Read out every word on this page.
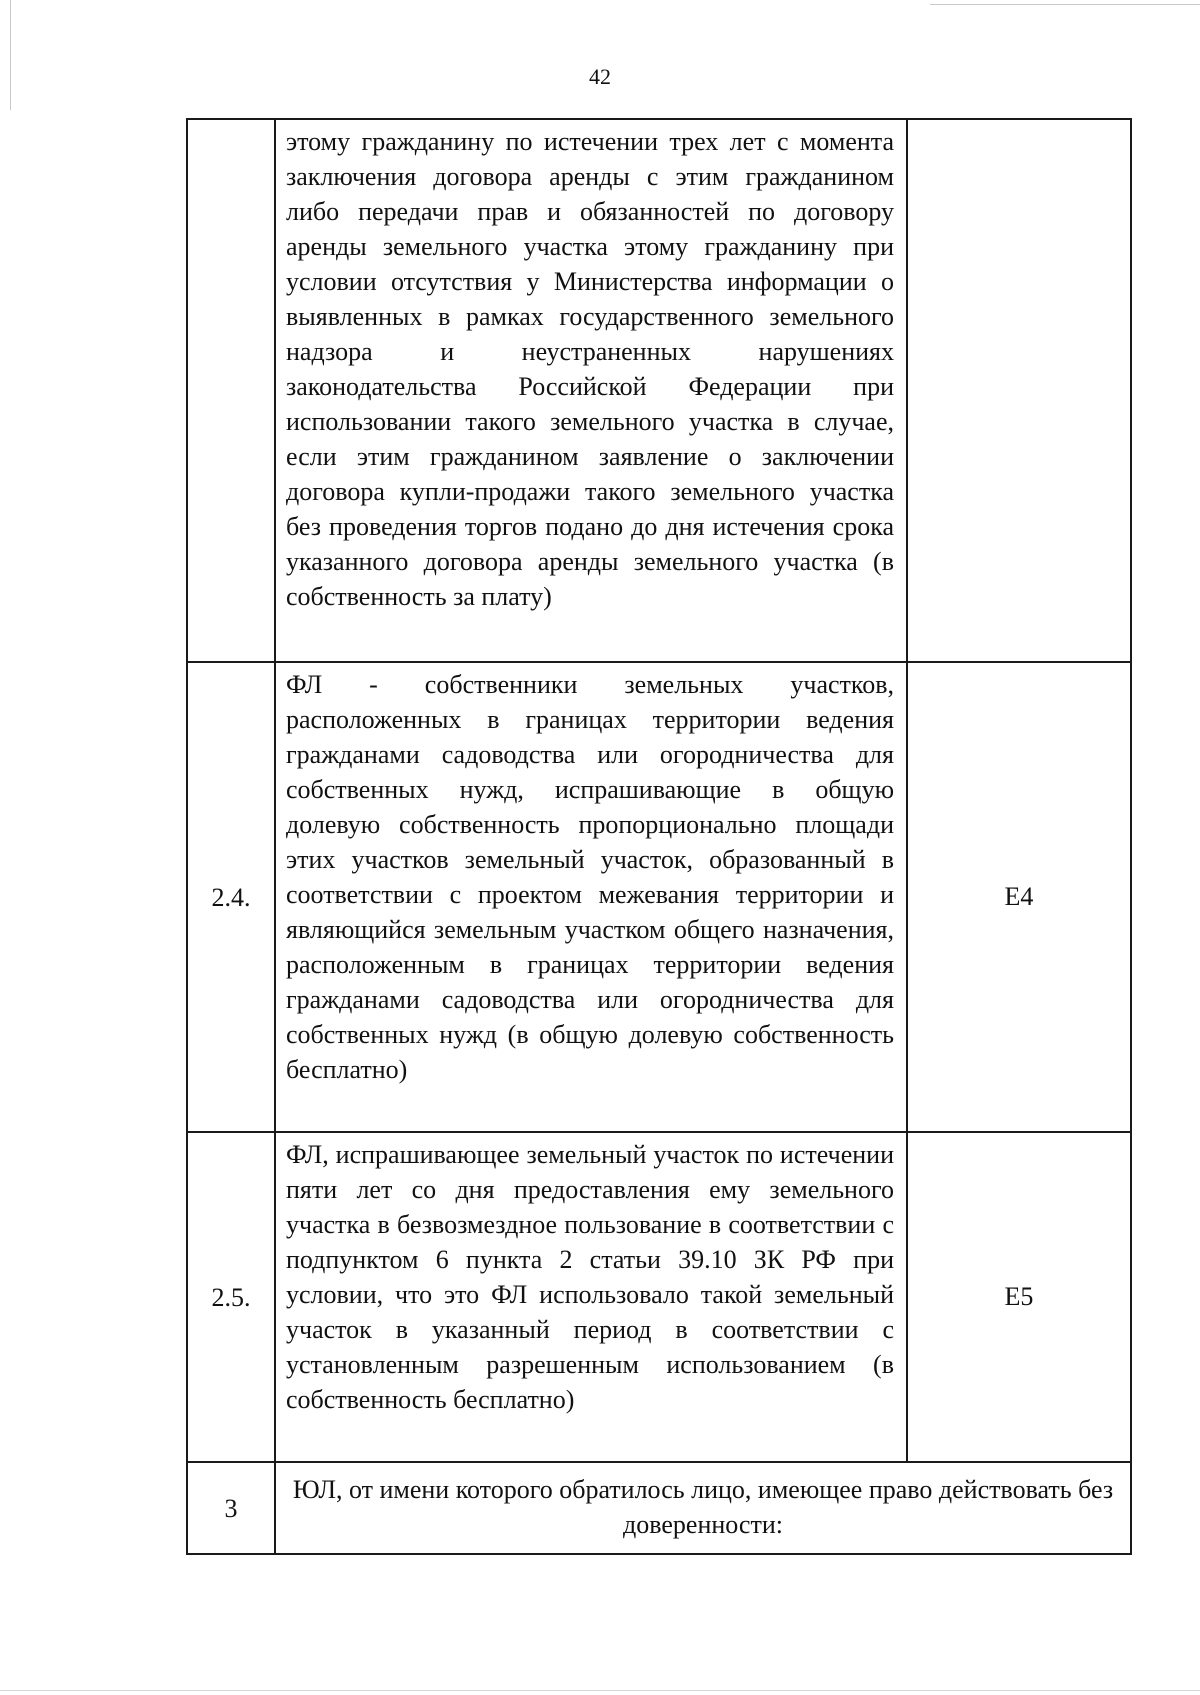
42
	этому гражданину по истечении трех лет с момента заключения договора аренды с этим гражданином либо передачи прав и обязанностей по договору аренды земельного участка этому гражданину при условии отсутствия у Министерства информации о выявленных в рамках государственного земельного надзора и неустраненных нарушениях законодательства Российской Федерации при использовании такого земельного участка в случае, если этим гражданином заявление о заключении договора купли-продажи такого земельного участка без проведения торгов подано до дня истечения срока указанного договора аренды земельного участка (в собственность за плату)	
2.4.	ФЛ - собственники земельных участков, расположенных в границах территории ведения гражданами садоводства или огородничества для собственных нужд, испрашивающие в общую долевую собственность пропорционально площади этих участков земельный участок, образованный в соответствии с проектом межевания территории и являющийся земельным участком общего назначения, расположенным в границах территории ведения гражданами садоводства или огородничества для собственных нужд (в общую долевую собственность бесплатно)	E4
2.5.	ФЛ, испрашивающее земельный участок по истечении пяти лет со дня предоставления ему земельного участка в безвозмездное пользование в соответствии с подпунктом 6 пункта 2 статьи 39.10 ЗК РФ при условии, что это ФЛ использовало такой земельный участок в указанный период в соответствии с установленным разрешенным использованием (в собственность бесплатно)	E5
3	ЮЛ, от имени которого обратилось лицо, имеющее право действовать без доверенности:	
